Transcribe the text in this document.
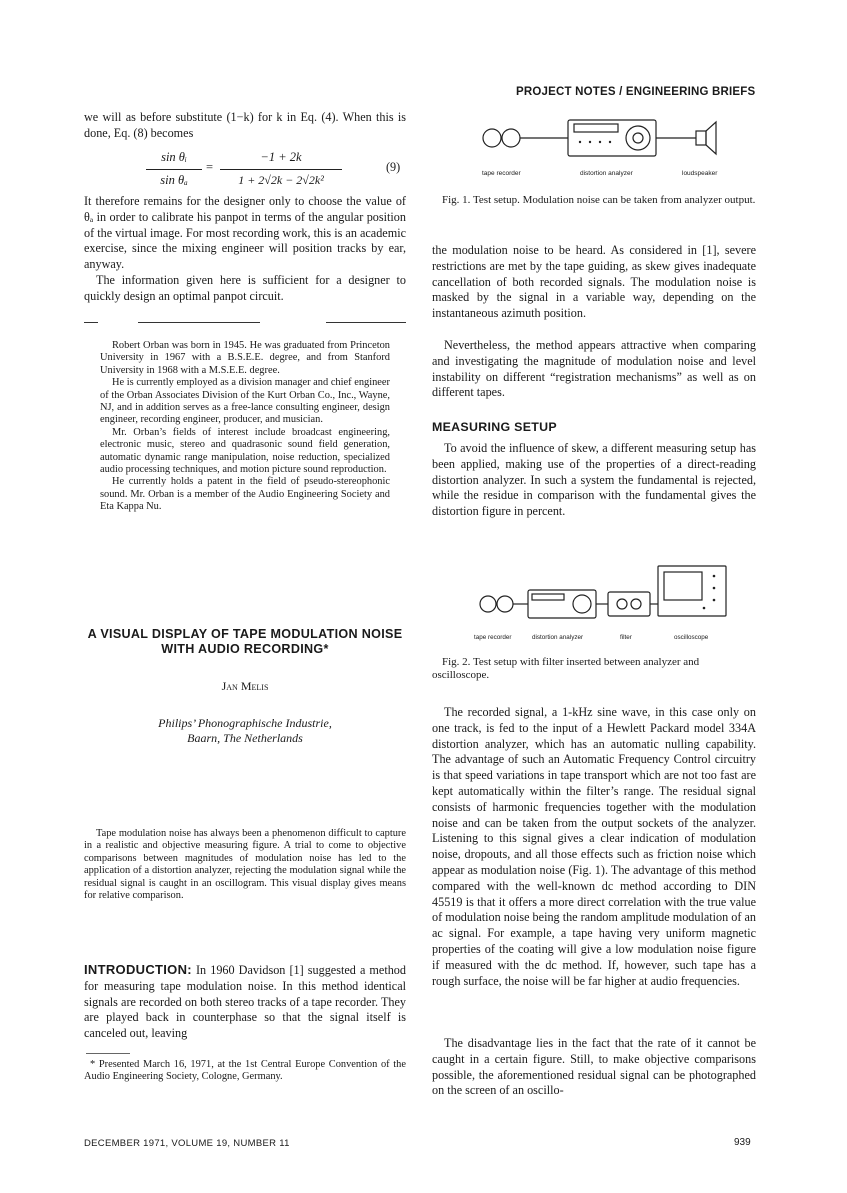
PROJECT NOTES / ENGINEERING BRIEFS

we will as before substitute (1−k) for k in Eq. (4). When this is done, Eq. (8) becomes

sin θᵢ
sin θₐ
=
−1 + 2k
1 + 2√2k − 2√2k²
(9)

It therefore remains for the designer only to choose the value of θₐ in order to calibrate his panpot in terms of the angular position of the virtual image. For most recording work, this is an academic exercise, since the mixing engineer will position tracks by ear, anyway.

The information given here is sufficient for a designer to quickly design an optimal panpot circuit.

Robert Orban was born in 1945. He was graduated from Princeton University in 1967 with a B.S.E.E. degree, and from Stanford University in 1968 with a M.S.E.E. degree.

He is currently employed as a division manager and chief engineer of the Orban Associates Division of the Kurt Orban Co., Inc., Wayne, NJ, and in addition serves as a free-lance consulting engineer, design engineer, recording engineer, producer, and musician.

Mr. Orban’s fields of interest include broadcast engineering, electronic music, stereo and quadrasonic sound field generation, automatic dynamic range manipulation, noise reduction, specialized audio processing techniques, and motion picture sound reproduction.

He currently holds a patent in the field of pseudo-stereophonic sound. Mr. Orban is a member of the Audio Engineering Society and Eta Kappa Nu.

A VISUAL DISPLAY OF TAPE MODULATION NOISE WITH AUDIO RECORDING*
Jan Melis
Philips’ Phonographische Industrie,
Baarn, The Netherlands

Tape modulation noise has always been a phenomenon difficult to capture in a realistic and objective measuring figure. A trial to come to objective comparisons between magnitudes of modulation noise has led to the application of a distortion analyzer, rejecting the modulation signal while the residual signal is caught in an oscillogram. This visual display gives means for relative comparison.

INTRODUCTION: In 1960 Davidson [1] suggested a method for measuring tape modulation noise. In this method identical signals are recorded on both stereo tracks of a tape recorder. They are played back in counterphase so that the signal itself is canceled out, leaving

* Presented March 16, 1971, at the 1st Central Europe Convention of the Audio Engineering Society, Cologne, Germany.

tape recorder	distortion analyzer	loudspeaker

Fig. 1. Test setup. Modulation noise can be taken from analyzer output.

the modulation noise to be heard. As considered in [1], severe restrictions are met by the tape guiding, as skew gives inadequate cancellation of both recorded signals. The modulation noise is masked by the signal in a variable way, depending on the instantaneous azimuth position.

Nevertheless, the method appears attractive when comparing and investigating the magnitude of modulation noise and level instability on different “registration mechanisms” as well as on different tapes.

MEASURING SETUP

To avoid the influence of skew, a different measuring setup has been applied, making use of the properties of a direct-reading distortion analyzer. In such a system the fundamental is rejected, while the residue in comparison with the fundamental gives the distortion figure in percent.

tape recorder	distortion analyzer	filter	oscilloscope

Fig. 2. Test setup with filter inserted between analyzer and oscilloscope.

The recorded signal, a 1-kHz sine wave, in this case only on one track, is fed to the input of a Hewlett Packard model 334A distortion analyzer, which has an automatic nulling capability. The advantage of such an Automatic Frequency Control circuitry is that speed variations in tape transport which are not too fast are kept automatically within the filter’s range. The residual signal consists of harmonic frequencies together with the modulation noise and can be taken from the output sockets of the analyzer. Listening to this signal gives a clear indication of modulation noise, dropouts, and all those effects such as friction noise which appear as modulation noise (Fig. 1). The advantage of this method compared with the well-known dc method according to DIN 45519 is that it offers a more direct correlation with the true value of modulation noise being the random amplitude modulation of an ac signal. For example, a tape having very uniform magnetic properties of the coating will give a low modulation noise figure if measured with the dc method. If, however, such tape has a rough surface, the noise will be far higher at audio frequencies.

The disadvantage lies in the fact that the rate of it cannot be caught in a certain figure. Still, to make objective comparisons possible, the aforementioned residual signal can be photographed on the screen of an oscillo-

DECEMBER 1971, VOLUME 19, NUMBER 11	939
